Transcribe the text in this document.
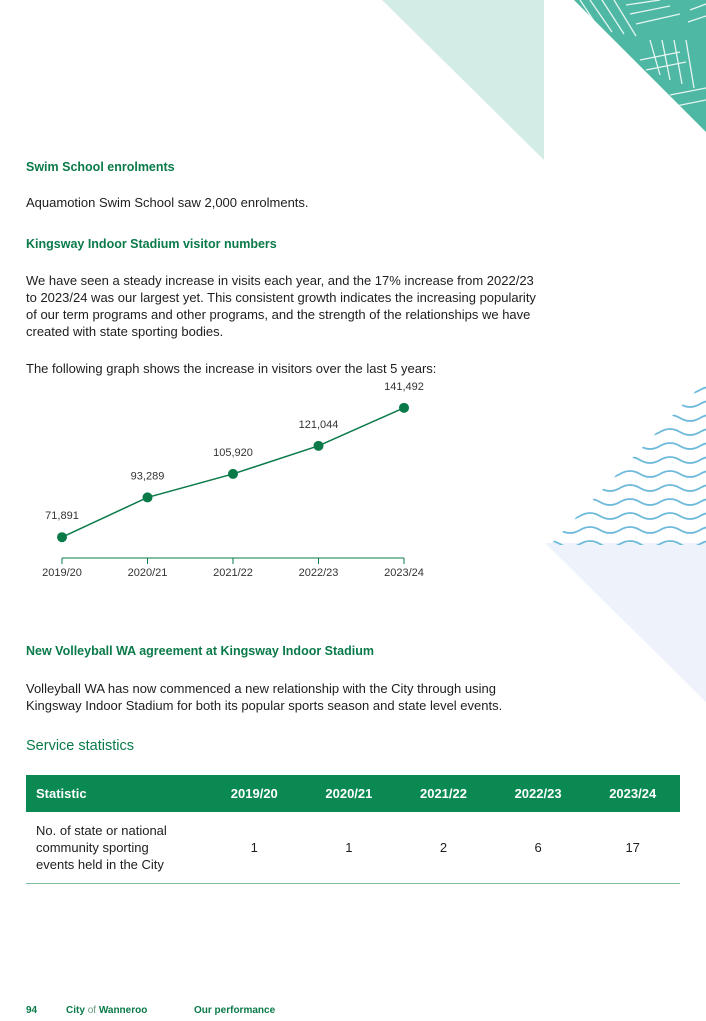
Swim School enrolments
Aquamotion Swim School saw 2,000 enrolments.
Kingsway Indoor Stadium visitor numbers
We have seen a steady increase in visits each year, and the 17% increase from 2022/23 to 2023/24 was our largest yet. This consistent growth indicates the increasing popularity of our term programs and other programs, and the strength of the relationships we have created with state sporting bodies.
The following graph shows the increase in visitors over the last 5 years:
71,891
2019/20
93,289
2020/21
105,920
2021/22
121,044
2022/23
141,492
2023/24
New Volleyball WA agreement at Kingsway Indoor Stadium
Volleyball WA has now commenced a new relationship with the City through using Kingsway Indoor Stadium for both its popular sports season and state level events.
Service statistics
Statistic	2019/20	2020/21	2021/22	2022/23	2023/24
No. of state or national community sporting events held in the City	1	1	2	6	17
94	City of Wanneroo	Our performance
